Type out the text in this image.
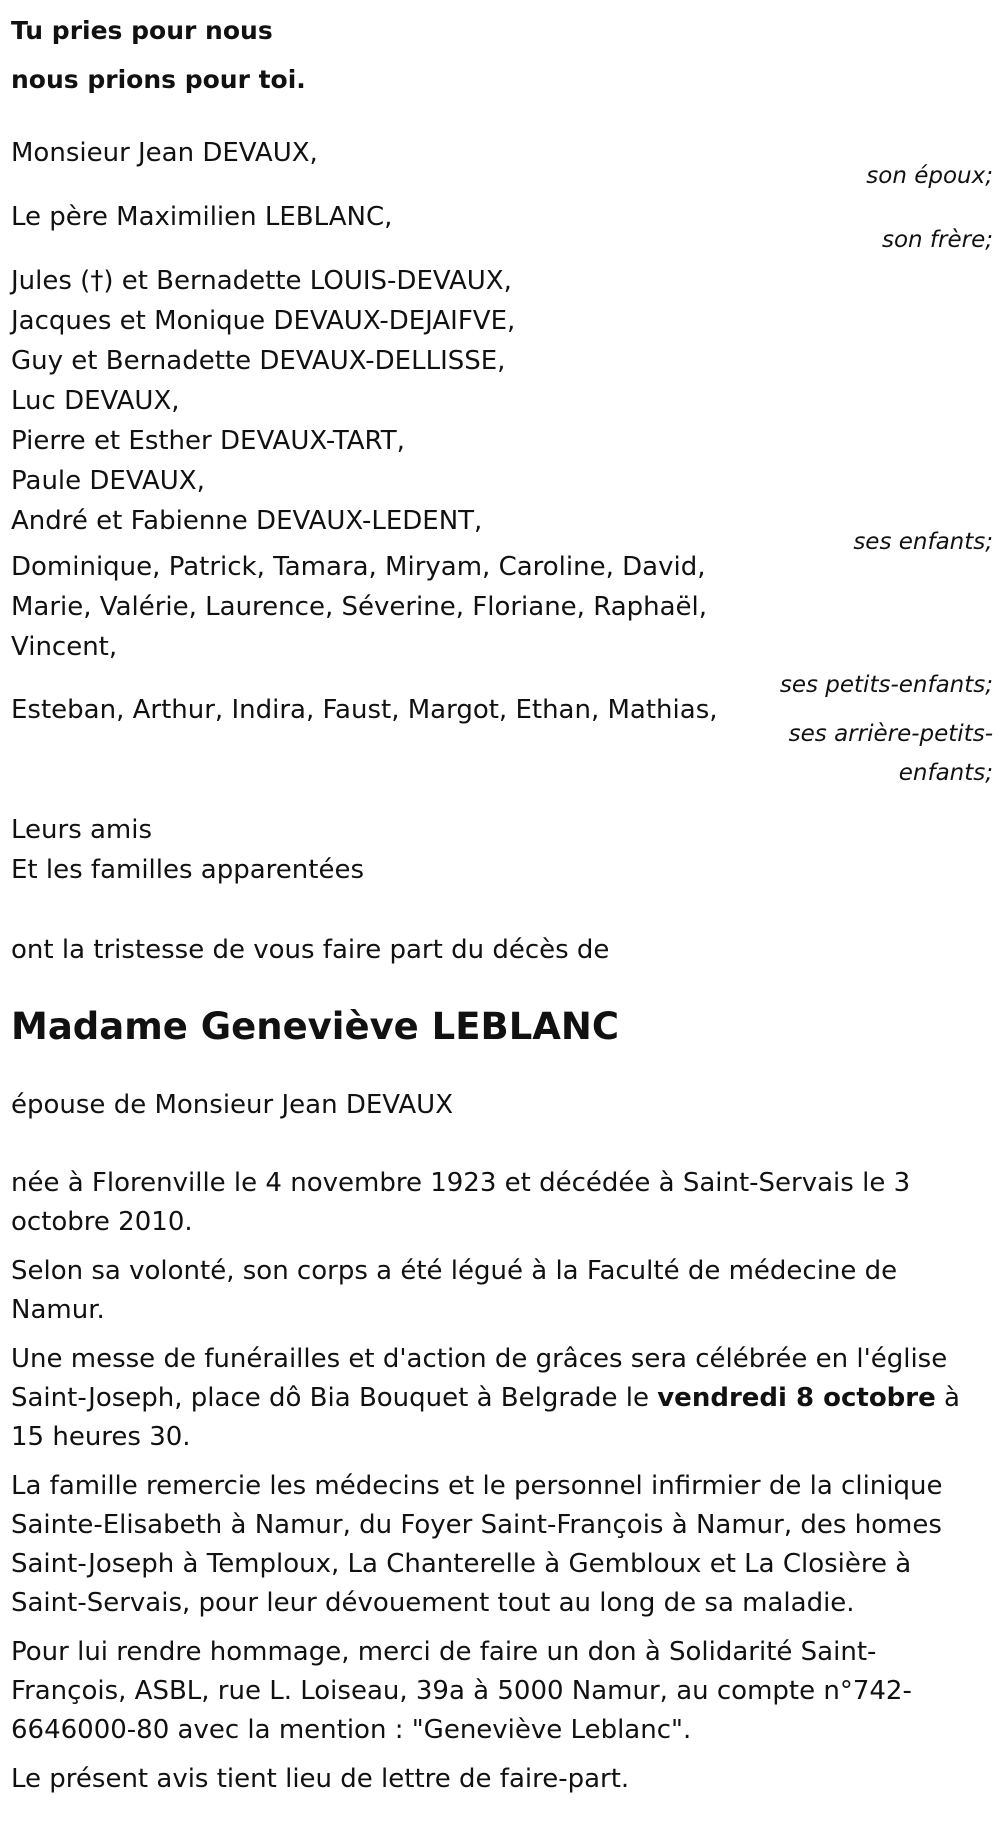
Tu pries pour nous
nous prions pour toi.
Monsieur Jean DEVAUX,
son époux;
Le père Maximilien LEBLANC,
son frère;
Jules (†) et Bernadette LOUIS-DEVAUX,
Jacques et Monique DEVAUX-DEJAIFVE,
Guy et Bernadette DEVAUX-DELLISSE,
Luc DEVAUX,
Pierre et Esther DEVAUX-TART,
Paule DEVAUX,
André et Fabienne DEVAUX-LEDENT,
ses enfants;
Dominique, Patrick, Tamara, Miryam, Caroline, David,
Marie, Valérie, Laurence, Séverine, Floriane, Raphaël,
Vincent,
ses petits-enfants;
Esteban, Arthur, Indira, Faust, Margot, Ethan, Mathias,
ses arrière-petits-enfants;
Leurs amis
Et les familles apparentées
ont la tristesse de vous faire part du décès de
Madame Geneviève LEBLANC
épouse de Monsieur Jean DEVAUX

née à Florenville le 4 novembre 1923 et décédée à Saint-Servais le 3 octobre 2010.

Selon sa volonté, son corps a été légué à la Faculté de médecine de Namur.

Une messe de funérailles et d'action de grâces sera célébrée en l'église Saint-Joseph, place dô Bia Bouquet à Belgrade le vendredi 8 octobre à 15 heures 30.

La famille remercie les médecins et le personnel infirmier de la clinique Sainte-Elisabeth à Namur, du Foyer Saint-François à Namur, des homes Saint-Joseph à Temploux, La Chanterelle à Gembloux et La Closière à Saint-Servais, pour leur dévouement tout au long de sa maladie.

Pour lui rendre hommage, merci de faire un don à Solidarité Saint-François, ASBL, rue L. Loiseau, 39a à 5000 Namur, au compte n°742-6646000-80 avec la mention : "Geneviève Leblanc".

Le présent avis tient lieu de lettre de faire-part.
